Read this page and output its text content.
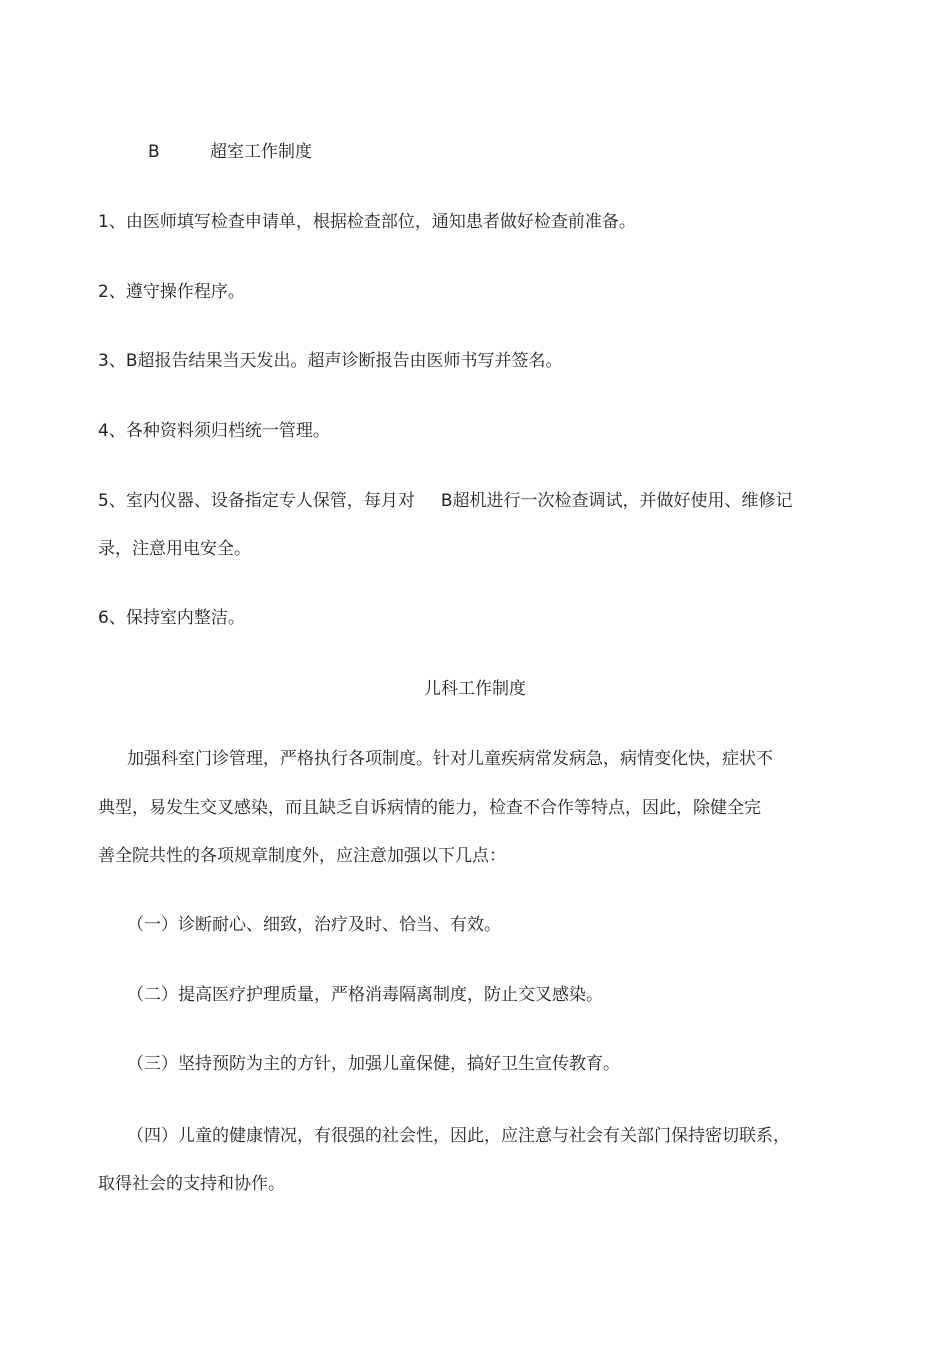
B	超室工作制度
1、由医师填写检查申请单，根据检查部位，通知患者做好检查前准备。
2、遵守操作程序。
3、B超报告结果当天发出。超声诊断报告由医师书写并签名。
4、各种资料须归档统一管理。
5、室内仪器、设备指定专人保管，每月对 B超机进行一次检查调试，并做好使用、维修记
录，注意用电安全。
6、保持室内整洁。
儿科工作制度
加强科室门诊管理，严格执行各项制度。针对儿童疾病常发病急，病情变化快，症状不
典型，易发生交叉感染，而且缺乏自诉病情的能力，检查不合作等特点，因此，除健全完
善全院共性的各项规章制度外，应注意加强以下几点：
（一）诊断耐心、细致，治疗及时、恰当、有效。
（二）提高医疗护理质量，严格消毒隔离制度，防止交叉感染。
（三）坚持预防为主的方针，加强儿童保健，搞好卫生宣传教育。
（四）儿童的健康情况，有很强的社会性，因此，应注意与社会有关部门保持密切联系，
取得社会的支持和协作。
